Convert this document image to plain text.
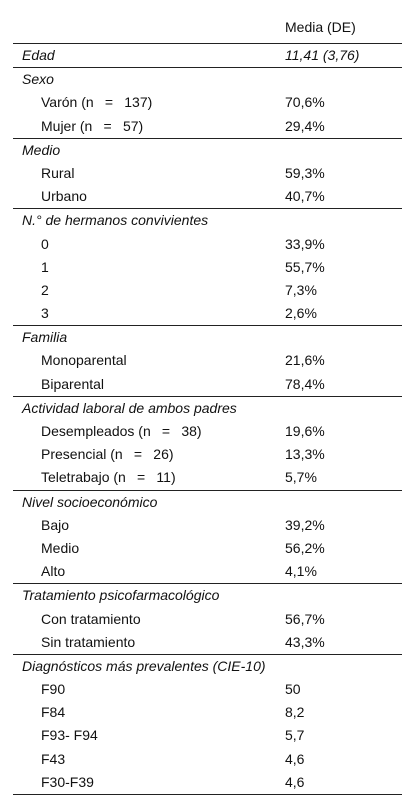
Media (DE)
Edad	11,41 (3,76)
Sexo
Varón (n    =    137)	70,6%
Mujer (n    =    57)	29,4%
Medio
Rural	59,3%
Urbano	40,7%
N.° de hermanos convivientes
0	33,9%
1	55,7%
2	7,3%
3	2,6%
Familia
Monoparental	21,6%
Biparental	78,4%
Actividad laboral de ambos padres
Desempleados (n    =    38)	19,6%
Presencial (n    =    26)	13,3%
Teletrabajo (n    =    11)	5,7%
Nivel socioeconómico
Bajo	39,2%
Medio	56,2%
Alto	4,1%
Tratamiento psicofarmacológico
Con tratamiento	56,7%
Sin tratamiento	43,3%
Diagnósticos más prevalentes (CIE-10)
F90	50
F84	8,2
F93- F94	5,7
F43	4,6
F30-F39	4,6
